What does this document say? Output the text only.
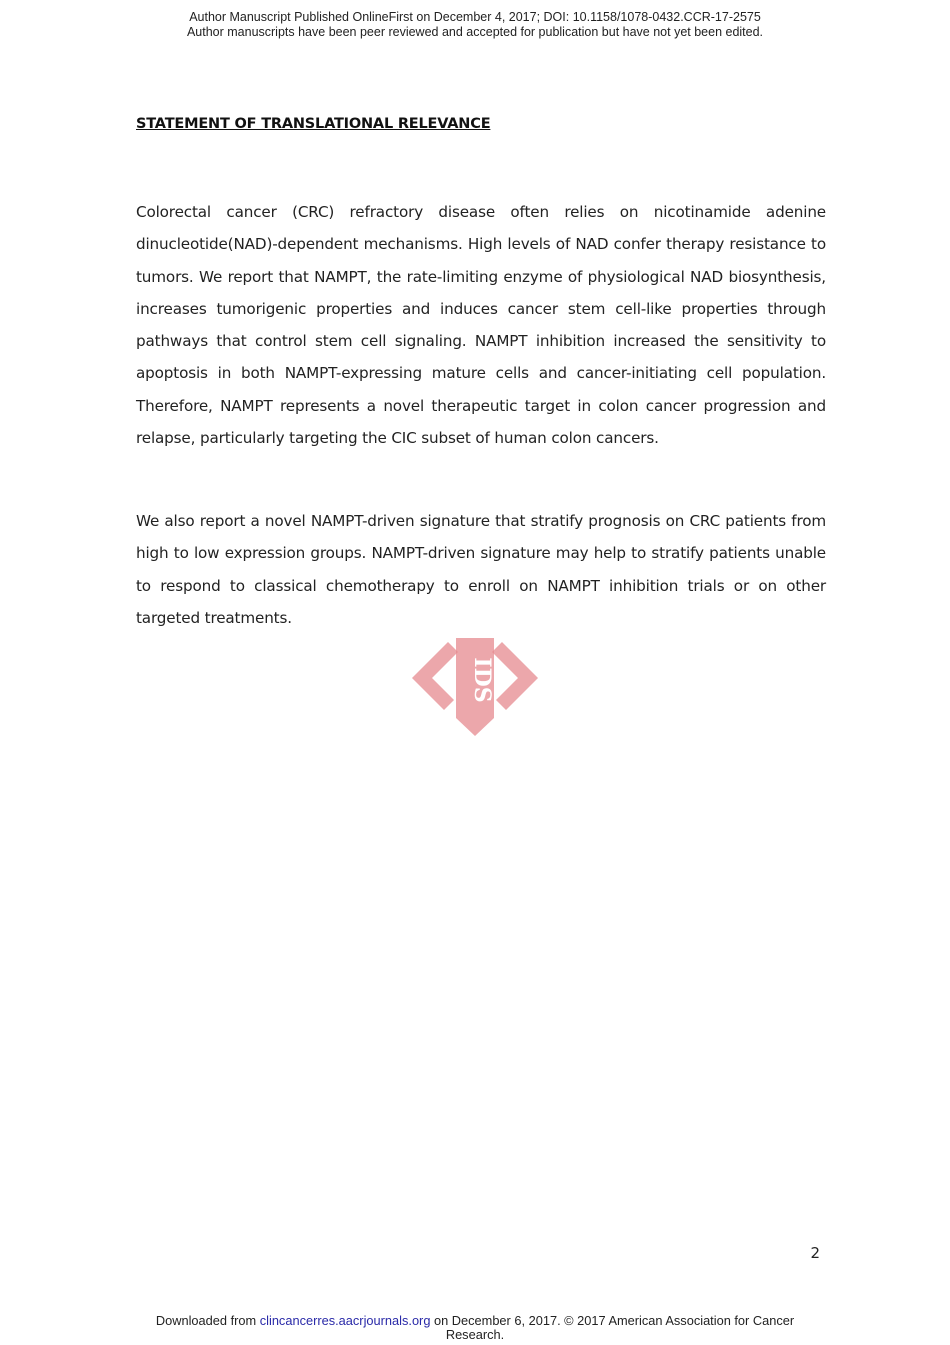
Author Manuscript Published OnlineFirst on December 4, 2017; DOI: 10.1158/1078-0432.CCR-17-2575
Author manuscripts have been peer reviewed and accepted for publication but have not yet been edited.
STATEMENT OF TRANSLATIONAL RELEVANCE

Colorectal cancer (CRC) refractory disease often relies on nicotinamide adenine dinucleotide(NAD)-dependent mechanisms. High levels of NAD confer therapy resistance to tumors. We report that NAMPT, the rate-limiting enzyme of physiological NAD biosynthesis, increases tumorigenic properties and induces cancer stem cell-like properties through pathways that control stem cell signaling. NAMPT inhibition increased the sensitivity to apoptosis in both NAMPT-expressing mature cells and cancer-initiating cell population. Therefore, NAMPT represents a novel therapeutic target in colon cancer progression and relapse, particularly targeting the CIC subset of human colon cancers.

We also report a novel NAMPT-driven signature that stratify prognosis on CRC patients from high to low expression groups. NAMPT-driven signature may help to stratify patients unable to respond to classical chemotherapy to enroll on NAMPT inhibition trials or on other targeted treatments.

IDS
2
Downloaded from clincancerres.aacrjournals.org on December 6, 2017. © 2017 American Association for Cancer
Research.
